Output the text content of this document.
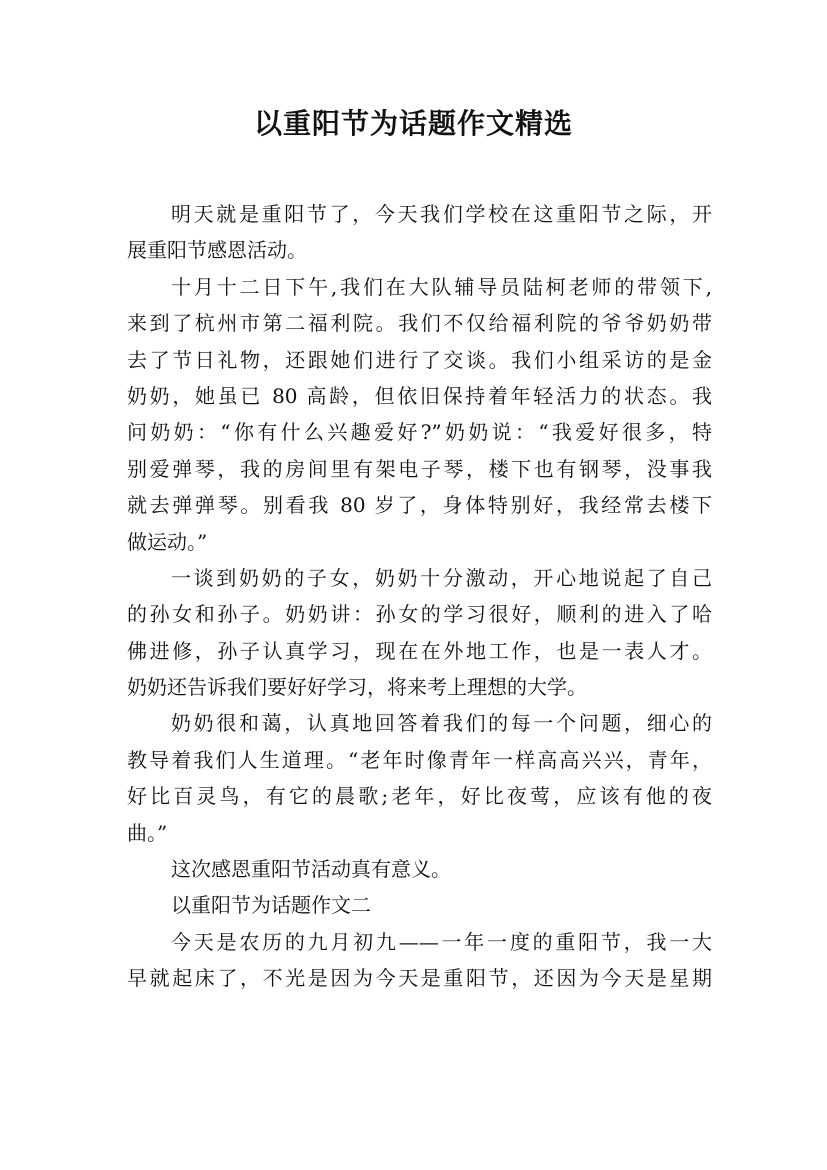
以重阳节为话题作文精选
明天就是重阳节了，今天我们学校在这重阳节之际，开
展重阳节感恩活动。
十月十二日下午,我们在大队辅导员陆柯老师的带领下,
来到了杭州市第二福利院。我们不仅给福利院的爷爷奶奶带
去了节日礼物，还跟她们进行了交谈。我们小组采访的是金
奶奶，她虽已 80 高龄，但依旧保持着年轻活力的状态。我
问奶奶：“你有什么兴趣爱好?”奶奶说：“我爱好很多，特
别爱弹琴，我的房间里有架电子琴，楼下也有钢琴，没事我
就去弹弹琴。别看我 80 岁了，身体特别好，我经常去楼下
做运动。”
一谈到奶奶的子女，奶奶十分激动，开心地说起了自己
的孙女和孙子。奶奶讲：孙女的学习很好，顺利的进入了哈
佛进修，孙子认真学习，现在在外地工作，也是一表人才。
奶奶还告诉我们要好好学习，将来考上理想的大学。
奶奶很和蔼，认真地回答着我们的每一个问题，细心的
教导着我们人生道理。“老年时像青年一样高高兴兴，青年，
好比百灵鸟，有它的晨歌;老年，好比夜莺，应该有他的夜
曲。”
这次感恩重阳节活动真有意义。
以重阳节为话题作文二
今天是农历的九月初九——一年一度的重阳节，我一大
早就起床了，不光是因为今天是重阳节，还因为今天是星期
